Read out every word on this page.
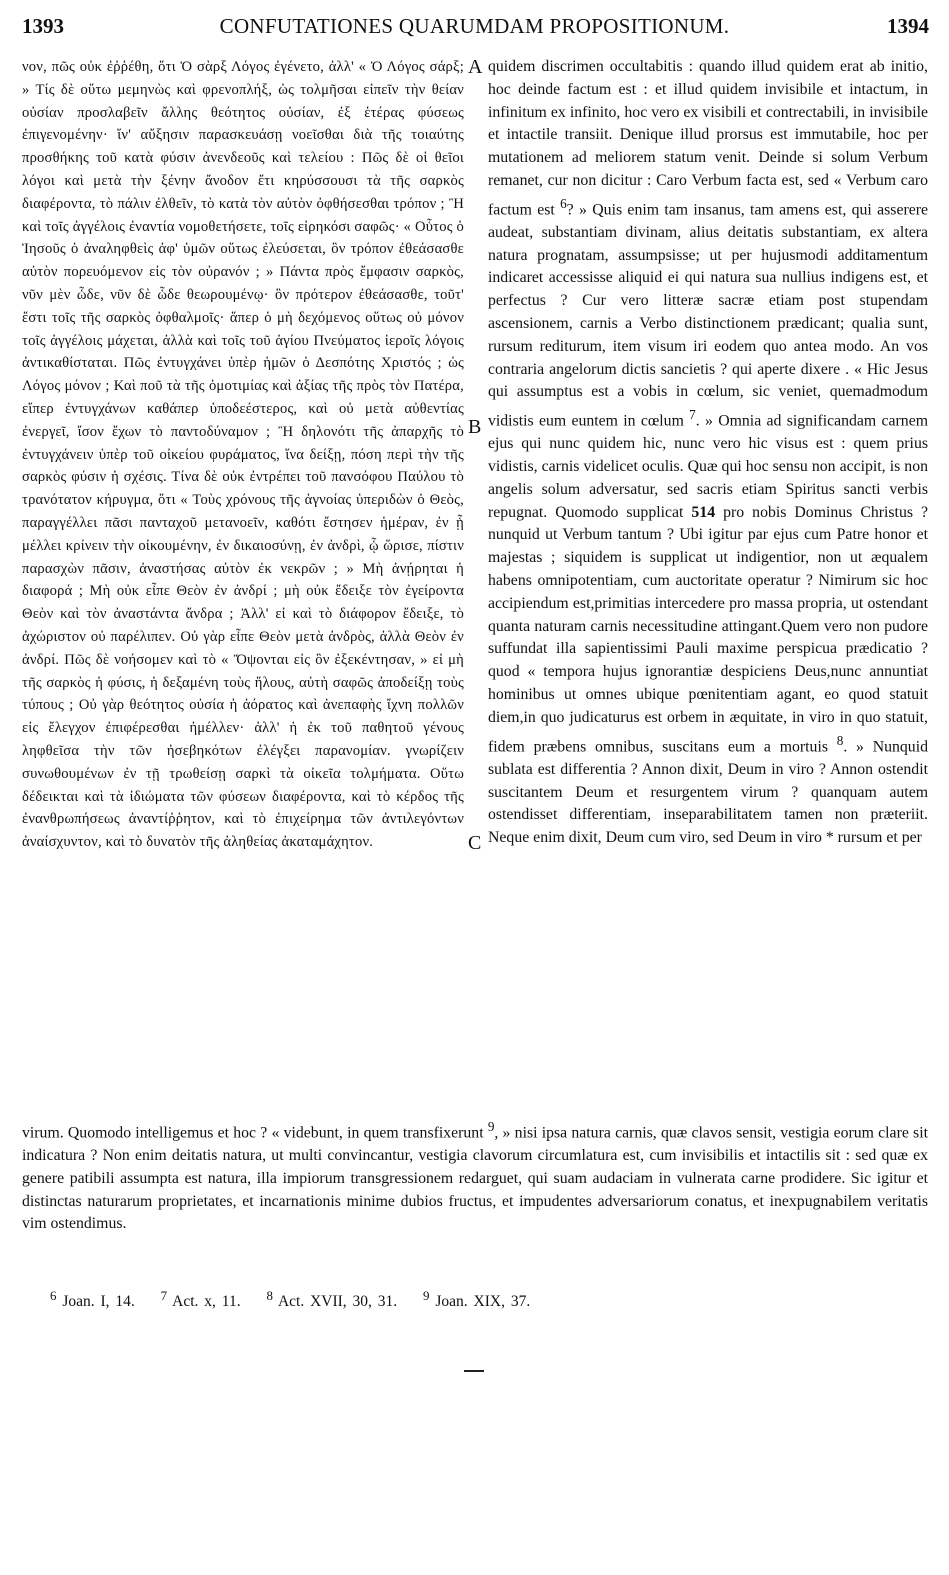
1393	CONFUTATIONES QUARUMDAM PROPOSITIONUM.	1394
νον, πῶς οὐκ ἐῤῥέθη, ὅτι Ὁ σὰρξ Λόγος ἐγένετο, ἀλλ' « Ὁ Λόγος σάρξ; » Τίς δὲ οὕτω μεμηνὼς καὶ φρενοπλήξ, ὡς τολμῆσαι εἰπεῖν τὴν θείαν οὐσίαν προσλαβεῖν ἄλλης θεότητος οὐσίαν, ἐξ ἑτέρας φύσεως ἐπιγενομένην· ἵν' αὔξησιν παρασκευάσῃ νοεῖσθαι διὰ τῆς τοιαύτης προσθήκης τοῦ κατὰ φύσιν ἀνενδεοῦς καὶ τελείου : Πῶς δὲ οἱ θεῖοι λόγοι καὶ μετὰ τὴν ξένην ἄνοδον ἔτι κηρύσσουσι τὰ τῆς σαρκὸς διαφέροντα, τὸ πάλιν ἐλθεῖν, τὸ κατὰ τὸν αὐτὸν ὀφθήσεσθαι τρόπον ; Ἢ καὶ τοῖς ἀγγέλοις ἐναντία νομοθετήσετε, τοῖς εἰρηκόσι σαφῶς· « Οὗτος ὁ Ἰησοῦς ὁ ἀναληφθεὶς ἀφ' ὑμῶν οὕτως ἐλεύσεται, ὃν τρόπον ἐθεάσασθε αὐτὸν πορευόμενον εἰς τὸν οὐρανόν ; » Πάντα πρὸς ἔμφασιν σαρκὸς, νῦν μὲν ὧδε, νῦν δὲ ὧδε θεωρουμένῳ· ὃν πρότερον ἐθεάσασθε, τοῦτ' ἔστι τοῖς τῆς σαρκὸς ὀφθαλμοῖς· ἅπερ ὁ μὴ δεχόμενος οὕτως οὐ μόνον τοῖς ἀγγέλοις μάχεται, ἀλλὰ καὶ τοῖς τοῦ ἁγίου Πνεύματος ἱεροῖς λόγοις ἀντικαθίσταται. Πῶς ἐντυγχάνει ὑπὲρ ἡμῶν ὁ Δεσπότης Χριστός ; ὡς Λόγος μόνον ; Καὶ ποῦ τὰ τῆς ὁμοτιμίας καὶ ἀξίας τῆς πρὸς τὸν Πατέρα, εἴπερ ἐντυγχάνων καθάπερ ὑποδεέστερος, καὶ οὐ μετὰ αὐθεντίας ἐνεργεῖ, ἴσον ἔχων τὸ παντοδύναμον ; Ἢ δηλονότι τῆς ἀπαρχῆς τὸ ἐντυγχάνειν ὑπὲρ τοῦ οἰκείου φυράματος, ἵνα δείξῃ, πόση περὶ τὴν τῆς σαρκὸς φύσιν ἡ σχέσις. Τίνα δὲ οὐκ ἐντρέπει τοῦ πανσόφου Παύλου τὸ τρανότατον κήρυγμα, ὅτι « Τοὺς χρόνους τῆς ἀγνοίας ὑπεριδὼν ὁ Θεὸς, παραγγέλλει πᾶσι πανταχοῦ μετανοεῖν, καθότι ἔστησεν ἡμέραν, ἐν ᾗ μέλλει κρίνειν τὴν οἰκουμένην, ἐν δικαιοσύνῃ, ἐν ἀνδρὶ, ᾧ ὥρισε, πίστιν παρασχὼν πᾶσιν, ἀναστήσας αὐτὸν ἐκ νεκρῶν ; » Μὴ ἀνῄρηται ἡ διαφορά ; Μὴ οὐκ εἶπε Θεὸν ἐν ἀνδρί ; μὴ οὐκ ἔδειξε τὸν ἐγείροντα Θεὸν καὶ τὸν ἀναστάντα ἄνδρα ; Ἀλλ' εἰ καὶ τὸ διάφορον ἔδειξε, τὸ ἀχώριστον οὐ παρέλιπεν. Οὐ γὰρ εἶπε Θεὸν μετὰ ἀνδρὸς, ἀλλὰ Θεὸν ἐν ἀνδρί. Πῶς δὲ νοήσομεν καὶ τὸ « Ὄψονται εἰς ὃν ἐξεκέντησαν, » εἰ μὴ τῆς σαρκὸς ἡ φύσις, ἡ δεξαμένη τοὺς ἥλους, αὐτὴ σαφῶς ἀποδείξῃ τοὺς τύπους ; Οὐ γὰρ θεότητος οὐσία ἡ ἀόρατος καὶ ἀνεπαφὴς ἴχνη πολλῶν εἰς ἔλεγχον ἐπιφέρεσθαι ἠμέλλεν· ἀλλ' ἡ ἐκ τοῦ παθητοῦ γένους ληφθεῖσα τὴν τῶν ἠσεβηκότων ἐλέγξει παρανομίαν. γνωρίζειν συνωθουμένων ἐν τῇ τρωθείσῃ σαρκὶ τὰ οἰκεῖα τολμήματα. Οὕτω δέδεικται καὶ τὰ ἰδιώματα τῶν φύσεων διαφέροντα, καὶ τὸ κέρδος τῆς ἐνανθρωπήσεως ἀναντίῤῥητον, καὶ τὸ ἐπιχείρημα τῶν ἀντιλεγόντων ἀναίσχυντον, καὶ τὸ δυνατὸν τῆς ἀληθείας ἀκαταμάχητον.
A
B
C
quidem discrimen occultabitis : quando illud quidem erat ab initio, hoc deinde factum est : et illud quidem invisibile et intactum, in infinitum ex infinito, hoc vero ex visibili et contrectabili, in invisibile et intactile transiit. Denique illud prorsus est immutabile, hoc per mutationem ad meliorem statum venit. Deinde si solum Verbum remanet, cur non dicitur : Caro Verbum facta est, sed « Verbum caro factum est $^6$? » Quis enim tam insanus, tam amens est, qui asserere audeat, substantiam divinam, alius deitatis substantiam, ex altera natura prognatam, assumpsisse; ut per hujusmodi additamentum indicaret accessisse aliquid ei qui natura sua nullius indigens est, et perfectus ? Cur vero litteræ sacræ etiam post stupendam ascensionem, carnis a Verbo distinctionem prædicant; qualia sunt, rursum rediturum, item visum iri eodem quo antea modo. An vos contraria angelorum dictis sancietis ? qui aperte dixere . « Hic Jesus qui assumptus est a vobis in cœlum, sic veniet, quemadmodum vidistis eum euntem in cœlum $^7$. » Omnia ad significandam carnem ejus qui nunc quidem hic, nunc vero hic visus est : quem prius vidistis, carnis videlicet oculis. Quæ qui hoc sensu non accipit, is non angelis solum adversatur, sed sacris etiam Spiritus sancti verbis repugnat. Quomodo supplicat 514 pro nobis Dominus Christus ? nunquid ut Verbum tantum ? Ubi igitur par ejus cum Patre honor et majestas ; siquidem is supplicat ut indigentior, non ut æqualem habens omnipotentiam, cum auctoritate operatur ? Nimirum sic hoc accipiendum est,primitias intercedere pro massa propria, ut ostendant quanta naturam carnis necessitudine attingant.Quem vero non pudore suffundat illa sapientissimi Pauli maxime perspicua prædicatio ? quod « tempora hujus ignorantiæ despiciens Deus,nunc annuntiat hominibus ut omnes ubique pœnitentiam agant, eo quod statuit diem,in quo judicaturus est orbem in æquitate, in viro in quo statuit, fidem præbens omnibus, suscitans eum a mortuis $^8$. » Nunquid sublata est differentia ? Annon dixit, Deum in viro ? Annon ostendit suscitantem Deum et resurgentem virum ? quanquam autem ostendisset differentiam, inseparabilitatem tamen non præteriit. Neque enim dixit, Deum cum viro, sed Deum in viro * rursum et per
virum. Quomodo intelligemus et hoc ? « videbunt, in quem transfixerunt $^9$, » nisi ipsa natura carnis, quæ clavos sensit, vestigia eorum clare sit indicatura ? Non enim deitatis natura, ut multi convincantur, vestigia clavorum circumlatura est, cum invisibilis et intactilis sit : sed quæ ex genere patibili assumpta est natura, illa impiorum transgressionem redarguet, qui suam audaciam in vulnerata carne prodidere. Sic igitur et distinctas naturarum proprietates, et incarnationis minime dubios fructus, et impudentes adversariorum conatus, et inexpugnabilem veritatis vim ostendimus.
$^6$ Joan. I, 14. $^7$ Act. x, 11. $^8$ Act. XVII, 30, 31. $^9$ Joan. XIX, 37.
